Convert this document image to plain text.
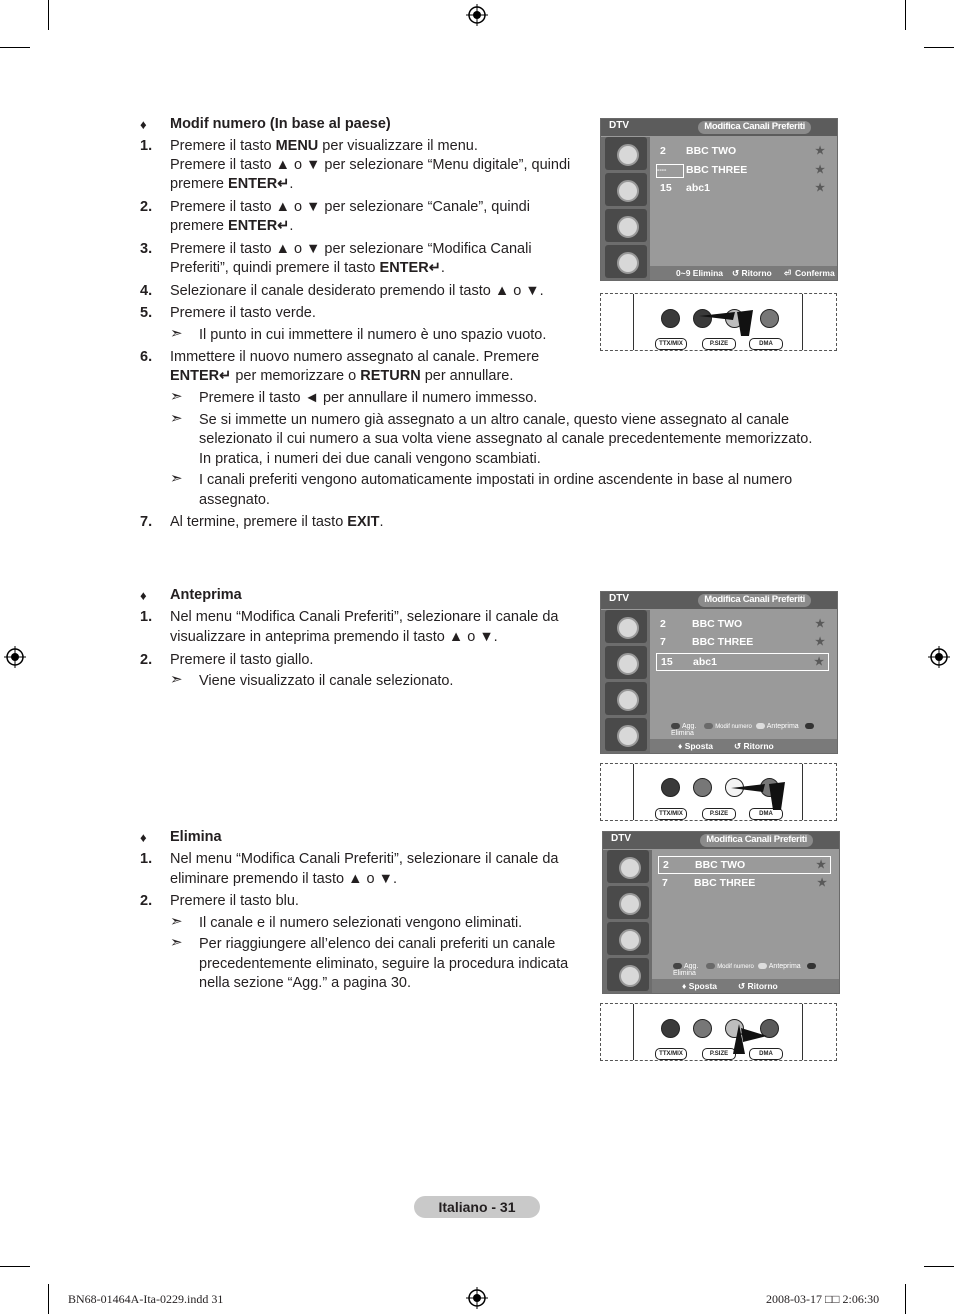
♦ Modif numero (In base al paese)
1. Premere il tasto MENU per visualizzare il menu.
Premere il tasto ▲ o ▼ per selezionare “Menu digitale”, quindi
premere ENTER↵.
2. Premere il tasto ▲ o ▼ per selezionare “Canale”, quindi
premere ENTER↵.
3. Premere il tasto ▲ o ▼ per selezionare “Modifica Canali
Preferiti”, quindi premere il tasto ENTER↵.
4. Selezionare il canale desiderato premendo il tasto ▲ o ▼.
5. Premere il tasto verde.
➣ Il punto in cui immettere il numero è uno spazio vuoto.
6. Immettere il nuovo numero assegnato al canale. Premere
ENTER↵ per memorizzare o RETURN per annullare.
➣ Premere il tasto ◄ per annullare il numero immesso.
➣ Se si immette un numero già assegnato a un altro canale, questo viene assegnato al canale
selezionato il cui numero a sua volta viene assegnato al canale precedentemente memorizzato.
In pratica, i numeri dei due canali vengono scambiati.
➣ I canali preferiti vengono automaticamente impostati in ordine ascendente in base al numero
assegnato.
7. Al termine, premere il tasto EXIT.
DTV	Modifica Canali Preferiti
2 BBC TWO	★
----	BBC THREE	★
15 abc1	★
0~9 Elimina ↺ Ritorno ⏎ Conferma
TTX/MIX	P.SIZE	DMA
♦ Anteprima
1. Nel menu “Modifica Canali Preferiti”, selezionare il canale da
visualizzare in anteprima premendo il tasto ▲ o ▼.
2. Premere il tasto giallo.
➣ Viene visualizzato il canale selezionato.
DTV	Modifica Canali Preferiti
2 BBC TWO	★
7 BBC THREE	★
15 abc1	★
Agg.	Modif numero Anteprima   Elimina
♦ Sposta ↺ Ritorno
TTX/MIX	P.SIZE	DMA
♦ Elimina
1. Nel menu “Modifica Canali Preferiti”, selezionare il canale da
eliminare premendo il tasto ▲ o ▼.
2. Premere il tasto blu.
➣ Il canale e il numero selezionati vengono eliminati.
➣ Per riaggiungere all’elenco dei canali preferiti un canale
precedentemente eliminato, seguire la procedura indicata
nella sezione “Agg.” a pagina 30.
DTV	Modifica Canali Preferiti
2 BBC TWO	★
7 BBC THREE	★
Agg.	Modif numero Anteprima   Elimina
♦ Sposta ↺ Ritorno
TTX/MIX	P.SIZE	DMA
Italiano - 31
BN68-01464A-Ita-0229.indd 31	2008-03-17 □□ 2:06:30
